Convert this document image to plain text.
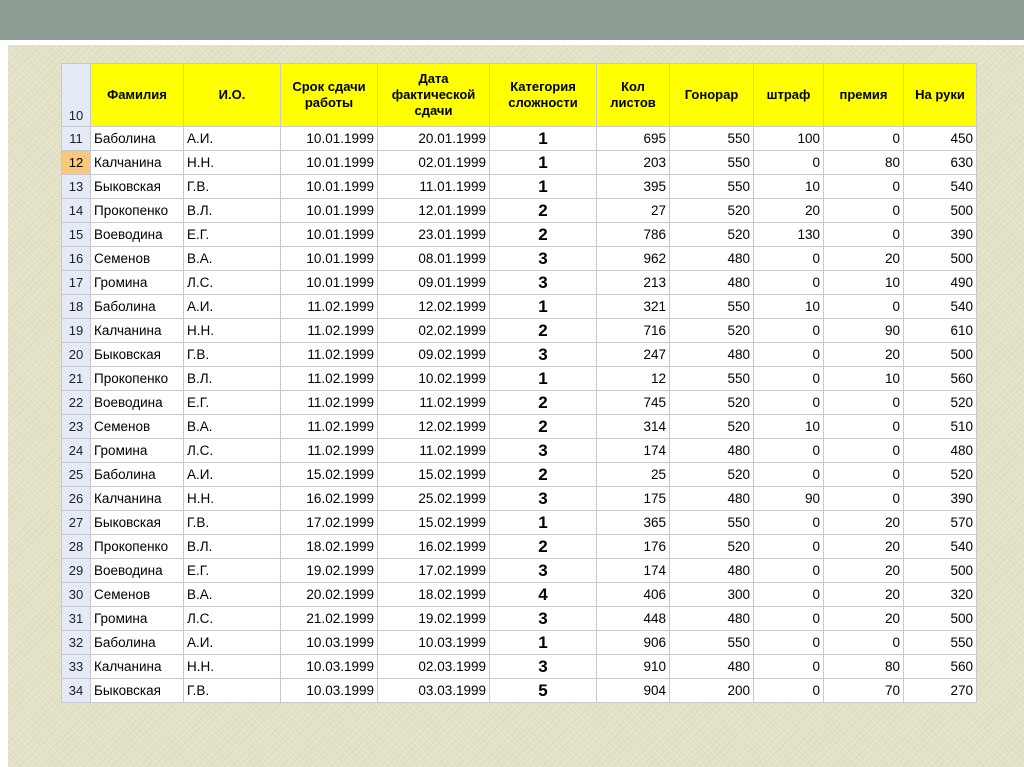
10	Фамилия	И.О.	Срок сдачи работы	Дата фактической сдачи	Категория сложности	Кол листов	Гонорар	штраф	премия	На руки
11	Баболина	А.И.	10.01.1999	20.01.1999	1	695	550	100	0	450
12	Калчанина	Н.Н.	10.01.1999	02.01.1999	1	203	550	0	80	630
13	Быковская	Г.В.	10.01.1999	11.01.1999	1	395	550	10	0	540
14	Прокопенко	В.Л.	10.01.1999	12.01.1999	2	27	520	20	0	500
15	Воеводина	Е.Г.	10.01.1999	23.01.1999	2	786	520	130	0	390
16	Семенов	В.А.	10.01.1999	08.01.1999	3	962	480	0	20	500
17	Громина	Л.С.	10.01.1999	09.01.1999	3	213	480	0	10	490
18	Баболина	А.И.	11.02.1999	12.02.1999	1	321	550	10	0	540
19	Калчанина	Н.Н.	11.02.1999	02.02.1999	2	716	520	0	90	610
20	Быковская	Г.В.	11.02.1999	09.02.1999	3	247	480	0	20	500
21	Прокопенко	В.Л.	11.02.1999	10.02.1999	1	12	550	0	10	560
22	Воеводина	Е.Г.	11.02.1999	11.02.1999	2	745	520	0	0	520
23	Семенов	В.А.	11.02.1999	12.02.1999	2	314	520	10	0	510
24	Громина	Л.С.	11.02.1999	11.02.1999	3	174	480	0	0	480
25	Баболина	А.И.	15.02.1999	15.02.1999	2	25	520	0	0	520
26	Калчанина	Н.Н.	16.02.1999	25.02.1999	3	175	480	90	0	390
27	Быковская	Г.В.	17.02.1999	15.02.1999	1	365	550	0	20	570
28	Прокопенко	В.Л.	18.02.1999	16.02.1999	2	176	520	0	20	540
29	Воеводина	Е.Г.	19.02.1999	17.02.1999	3	174	480	0	20	500
30	Семенов	В.А.	20.02.1999	18.02.1999	4	406	300	0	20	320
31	Громина	Л.С.	21.02.1999	19.02.1999	3	448	480	0	20	500
32	Баболина	А.И.	10.03.1999	10.03.1999	1	906	550	0	0	550
33	Калчанина	Н.Н.	10.03.1999	02.03.1999	3	910	480	0	80	560
34	Быковская	Г.В.	10.03.1999	03.03.1999	5	904	200	0	70	270
